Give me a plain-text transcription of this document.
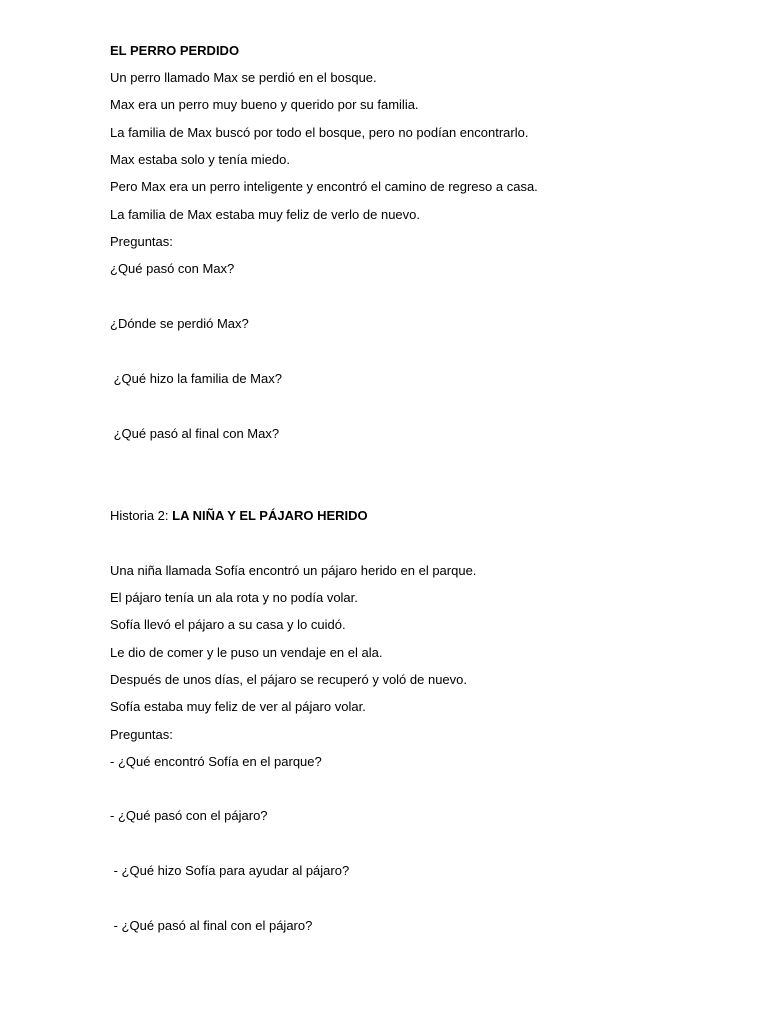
EL PERRO PERDIDO
Un perro llamado Max se perdió en el bosque.
Max era un perro muy bueno y querido por su familia.
La familia de Max buscó por todo el bosque, pero no podían encontrarlo.
Max estaba solo y tenía miedo.
Pero Max era un perro inteligente y encontró el camino de regreso a casa.
La familia de Max estaba muy feliz de verlo de nuevo.
Preguntas:
¿Qué pasó con Max?
¿Dónde se perdió Max?
¿Qué hizo la familia de Max?
¿Qué pasó al final con Max?
Historia 2: LA NIÑA Y EL PÁJARO HERIDO
Una niña llamada Sofía encontró un pájaro herido en el parque.
El pájaro tenía un ala rota y no podía volar.
Sofía llevó el pájaro a su casa y lo cuidó.
Le dio de comer y le puso un vendaje en el ala.
Después de unos días, el pájaro se recuperó y voló de nuevo.
Sofía estaba muy feliz de ver al pájaro volar.
Preguntas:
- ¿Qué encontró Sofía en el parque?
- ¿Qué pasó con el pájaro?
- ¿Qué hizo Sofía para ayudar al pájaro?
- ¿Qué pasó al final con el pájaro?
